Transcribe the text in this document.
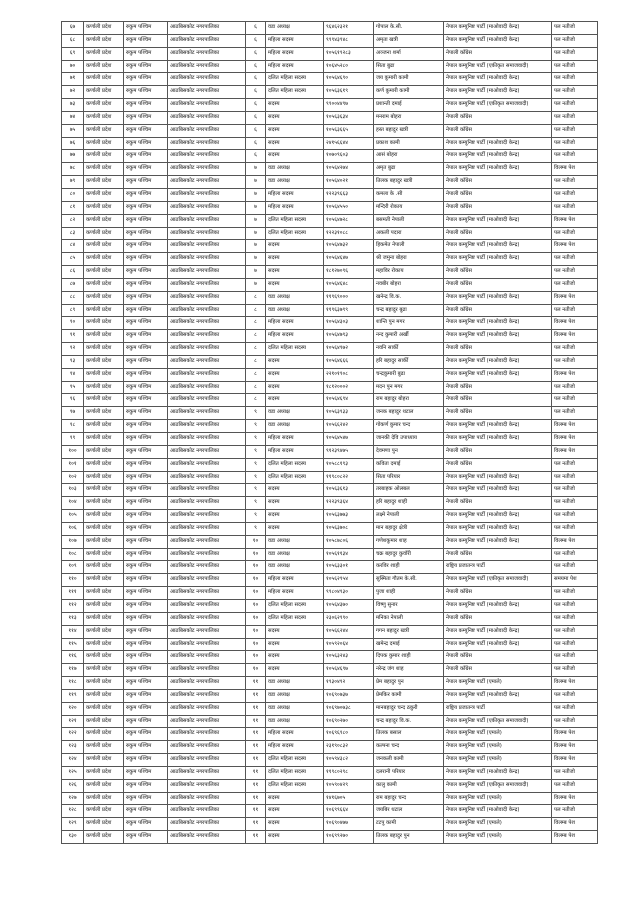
६७	कर्णाली प्रदेश	रुकुम पश्चिम	आठबिसकोट नगरपालिका	६	वडा अध्यक्ष	९६४६२३२१	गोपाल के.सी.	नेपाल कम्युनिष्ट पार्टी (माओवादी केन्द्र)	पल नतीजो
६८	कर्णाली प्रदेश	रुकुम पश्चिम	आठबिसकोट नगरपालिका	६	महिला सदस्य	९९९४३९४८	अमृता खत्री	नेपाल कम्युनिष्ट पार्टी (माओवादी केन्द्र)	पल नतीजो
६९	कर्णाली प्रदेश	रुकुम पश्चिम	आठबिसकोट नगरपालिका	६	महिला सदस्य	१०५६१९२८३	अञ्जना शर्मा	नेपाली काँग्रेस	पल नतीजो
७०	कर्णाली प्रदेश	रुकुम पश्चिम	आठबिसकोट नगरपालिका	६	महिला सदस्य	१०६४५२८०	सिता बुढा	नेपाल कम्युनिष्ट पार्टी (एकीकृत समाजवादी)	पल नतीजो
७१	कर्णाली प्रदेश	रुकुम पश्चिम	आठबिसकोट नगरपालिका	६	दलित महिला सदस्य	१०५६४६९०	जय कुमारी कामी	नेपाल कम्युनिष्ट पार्टी (माओवादी केन्द्र)	पल नतीजो
७२	कर्णाली प्रदेश	रुकुम पश्चिम	आठबिसकोट नगरपालिका	६	दलित महिला सदस्य	१०५६३६१९	कर्ण कुमारी कामी	नेपाल कम्युनिष्ट पार्टी (माओवादी केन्द्र)	पल नतीजो
७३	कर्णाली प्रदेश	रुकुम पश्चिम	आठबिसकोट नगरपालिका	६	सदस्य	९९००४४९७	प्रशान्ती दमाई	नेपाल कम्युनिष्ट पार्टी (एकीकृत समाजवादी)	पल नतीजो
७४	कर्णाली प्रदेश	रुकुम पश्चिम	आठबिसकोट नगरपालिका	६	सदस्य	१०५६३६३४	मनराम बोहरा	नेपाली काँग्रेस	पल नतीजो
७५	कर्णाली प्रदेश	रुकुम पश्चिम	आठबिसकोट नगरपालिका	६	सदस्य	१०५६३६६५	हस्त बहादुर खत्री	नेपाली काँग्रेस	पल नतीजो
७६	कर्णाली प्रदेश	रुकुम पश्चिम	आठबिसकोट नगरपालिका	६	सदस्य	२४१५६६४४	प्रकाश कामी	नेपाल कम्युनिष्ट पार्टी (माओवादी केन्द्र)	पल नतीजो
७७	कर्णाली प्रदेश	रुकुम पश्चिम	आठबिसकोट नगरपालिका	६	सदस्य	१०७०९६०३	आसं बोहरा	नेपाल कम्युनिष्ट पार्टी (माओवादी केन्द्र)	पल नतीजो
७८	कर्णाली प्रदेश	रुकुम पश्चिम	आठबिसकोट नगरपालिका	७	वडा अध्यक्ष	१०५६४२७४	अमृत बुढा	नेपाल कम्युनिष्ट पार्टी (माओवादी केन्द्र)	विलम्ब पेश
७९	कर्णाली प्रदेश	रुकुम पश्चिम	आठबिसकोट नगरपालिका	७	वडा अध्यक्ष	१०५६४०२१	तिलक बहादुर खत्री	नेपाली काँग्रेस	पल नतीजो
८०	कर्णाली प्रदेश	रुकुम पश्चिम	आठबिसकोट नगरपालिका	७	महिला सदस्य	१२२३९६६३	कमला के .सी	नेपाली काँग्रेस	पल नतीजो
८१	कर्णाली प्रदेश	रुकुम पश्चिम	आठबिसकोट नगरपालिका	७	महिला सदस्य	१०५६४५५०	मन्दिरी रोकाय	नेपाली काँग्रेस	पल नतीजो
८२	कर्णाली प्रदेश	रुकुम पश्चिम	आठबिसकोट नगरपालिका	७	दलित महिला सदस्य	१०५६४७२८	बसमती नेपाली	नेपाल कम्युनिष्ट पार्टी (माओवादी केन्द्र)	विलम्ब पेश
८३	कर्णाली प्रदेश	रुकुम पश्चिम	आठबिसकोट नगरपालिका	७	दलित महिला सदस्य	१२२३१०८८	अकली पदारा	नेपाली काँग्रेस	पल नतीजो
८४	कर्णाली प्रदेश	रुकुम पश्चिम	आठबिसकोट नगरपालिका	७	सदस्य	१०५६४७३२	हिकमेत नेपाली	नेपाल कम्युनिष्ट पार्टी (माओवादी केन्द्र)	विलम्ब पेश
८५	कर्णाली प्रदेश	रुकुम पश्चिम	आठबिसकोट नगरपालिका	७	सदस्य	१०५६४६४७	श्री जमुना बोहरा	नेपाल कम्युनिष्ट पार्टी (माओवादी केन्द्र)	पल नतीजो
८६	कर्णाली प्रदेश	रुकुम पश्चिम	आठबिसकोट नगरपालिका	७	सदस्य	१८१२७०९६	महाविर रोकाय	नेपाली काँग्रेस	पल नतीजो
८७	कर्णाली प्रदेश	रुकुम पश्चिम	आठबिसकोट नगरपालिका	७	सदस्य	१०५६४६४८	नवबीर बोहरा	नेपाली काँग्रेस	पल नतीजो
८८	कर्णाली प्रदेश	रुकुम पश्चिम	आठबिसकोट नगरपालिका	८	वडा अध्यक्ष	११९६९०००	खनेन्द्र वि.क.	नेपाल कम्युनिष्ट पार्टी (माओवादी केन्द्र)	विलम्ब पेश
८९	कर्णाली प्रदेश	रुकुम पश्चिम	आठबिसकोट नगरपालिका	८	वडा अध्यक्ष	११९६३७९९	चन्द्र बहादुर बुढा	नेपाली काँग्रेस	पल नतीजो
९०	कर्णाली प्रदेश	रुकुम पश्चिम	आठबिसकोट नगरपालिका	८	महिला सदस्य	१०५६४३०३	शान्ति पुन मगर	नेपाल कम्युनिष्ट पार्टी (माओवादी केन्द्र)	विलम्ब पेश
९१	कर्णाली प्रदेश	रुकुम पश्चिम	आठबिसकोट नगरपालिका	८	महिला सदस्य	१०५६४७९३	नन्द कुमारी अर्खी	नेपाल कम्युनिष्ट पार्टी (माओवादी केन्द्र)	विलम्ब पेश
९२	कर्णाली प्रदेश	रुकुम पश्चिम	आठबिसकोट नगरपालिका	८	दलित महिला सदस्य	१०५६४९७२	नवनि सार्की	नेपाली काँग्रेस	पल नतीजो
९३	कर्णाली प्रदेश	रुकुम पश्चिम	आठबिसकोट नगरपालिका	८	सदस्य	१०५६४६६६	हरि बहादुर सार्की	नेपाल कम्युनिष्ट पार्टी (माओवादी केन्द्र)	पल नतीजो
९४	कर्णाली प्रदेश	रुकुम पश्चिम	आठबिसकोट नगरपालिका	८	सदस्य	२२१०१९०८	चन्द्रकुमारी बुढा	नेपाल कम्युनिष्ट पार्टी (माओवादी केन्द्र)	विलम्ब पेश
९५	कर्णाली प्रदेश	रुकुम पश्चिम	आठबिसकोट नगरपालिका	८	सदस्य	१८१२०००२	मदन पुन मगर	नेपाली काँग्रेस	पल नतीजो
९६	कर्णाली प्रदेश	रुकुम पश्चिम	आठबिसकोट नगरपालिका	८	सदस्य	१०५६४६९४	राम बहादुर बोहरा	नेपाली काँग्रेस	पल नतीजो
९७	कर्णाली प्रदेश	रुकुम पश्चिम	आठबिसकोट नगरपालिका	९	वडा अध्यक्ष	१०५६३९३३	जनक बहादुर थटाल	नेपाली काँग्रेस	पल नतीजो
९८	कर्णाली प्रदेश	रुकुम पश्चिम	आठबिसकोट नगरपालिका	९	वडा अध्यक्ष	१०५६६२४२	गोकर्ण कुमार चन्द	नेपाल कम्युनिष्ट पार्टी (माओवादी केन्द्र)	विलम्ब पेश
९९	कर्णाली प्रदेश	रुकुम पश्चिम	आठबिसकोट नगरपालिका	९	महिला सदस्य	१०५६४५४७	जानकी देवि उपाध्याय	नेपाल कम्युनिष्ट पार्टी (माओवादी केन्द्र)	विलम्ब पेश
१००	कर्णाली प्रदेश	रुकुम पश्चिम	आठबिसकोट नगरपालिका	९	महिला सदस्य	९१२३९४७५	देवमणा पुन	नेपाली काँग्रेस	विलम्ब पेश
१०१	कर्णाली प्रदेश	रुकुम पश्चिम	आठबिसकोट नगरपालिका	९	दलित महिला सदस्य	१०५८८१९३	कविता दमाई	नेपाली काँग्रेस	पल नतीजो
१०२	कर्णाली प्रदेश	रुकुम पश्चिम	आठबिसकोट नगरपालिका	९	दलित महिला सदस्य	११९८०८२२	सिता परियार	नेपाल कम्युनिष्ट पार्टी (माओवादी केन्द्र)	पल नतीजो
१०३	कर्णाली प्रदेश	रुकुम पश्चिम	आठबिसकोट नगरपालिका	९	सदस्य	१०५६३६१३	तरबाहक ओलबल	नेपाल कम्युनिष्ट पार्टी (माओवादी केन्द्र)	पल नतीजो
१०४	कर्णाली प्रदेश	रुकुम पश्चिम	आठबिसकोट नगरपालिका	९	सदस्य	१२२३९३६४	हरि बहादुर शाही	नेपाली काँग्रेस	पल नतीजो
१०५	कर्णाली प्रदेश	रुकुम पश्चिम	आठबिसकोट नगरपालिका	९	सदस्य	१०५६३७७३	लक्ष्मे नेपाली	नेपाल कम्युनिष्ट पार्टी (माओवादी केन्द्र)	पल नतीजो
१०६	कर्णाली प्रदेश	रुकुम पश्चिम	आठबिसकोट नगरपालिका	९	सदस्य	१०५६३७०८	मान बहादुर क्षेत्री	नेपाल कम्युनिष्ट पार्टी (माओवादी केन्द्र)	पल नतीजो
१०७	कर्णाली प्रदेश	रुकुम पश्चिम	आठबिसकोट नगरपालिका	१०	वडा अध्यक्ष	१०५८७८०६	गणेशकुमार शाह	नेपाल कम्युनिष्ट पार्टी (माओवादी केन्द्र)	विलम्ब पेश
१०८	कर्णाली प्रदेश	रुकुम पश्चिम	आठबिसकोट नगरपालिका	१०	वडा अध्यक्ष	१०५६११३४	चक्र बहादुर कुवाँरी	नेपाली काँग्रेस	पल नतीजो
१०९	कर्णाली प्रदेश	रुकुम पश्चिम	आठबिसकोट नगरपालिका	१०	वडा अध्यक्ष	१०५६३३०१	करविर शाही	राष्ट्रिय प्रजातन्त्र पार्टी	पल नतीजो
११०	कर्णाली प्रदेश	रुकुम पश्चिम	आठबिसकोट नगरपालिका	१०	महिला सदस्य	१०५६२९५४	सुस्मिता गौतम के.सी.	नेपाल कम्युनिष्ट पार्टी (एकीकृत समाजवादी)	समयमा पेश
१११	कर्णाली प्रदेश	रुकुम पश्चिम	आठबिसकोट नगरपालिका	१०	महिला सदस्य	९९८०४९३०	पुजा शाही	नेपाली काँग्रेस	पल नतीजो
११२	कर्णाली प्रदेश	रुकुम पश्चिम	आठबिसकोट नगरपालिका	१०	दलित महिला सदस्य	१०५६४३७०	विष्णु सुनार	नेपाल कम्युनिष्ट पार्टी (माओवादी केन्द्र)	पल नतीजो
११३	कर्णाली प्रदेश	रुकुम पश्चिम	आठबिसकोट नगरपालिका	१०	दलित महिला सदस्य	२३०६२९९०	मनिका नेपाली	नेपाली काँग्रेस	पल नतीजो
११४	कर्णाली प्रदेश	रुकुम पश्चिम	आठबिसकोट नगरपालिका	१०	सदस्य	१०५६६२४४	गगन बहादुर खत्री	नेपाल कम्युनिष्ट पार्टी (माओवादी केन्द्र)	पल नतीजो
११५	कर्णाली प्रदेश	रुकुम पश्चिम	आठबिसकोट नगरपालिका	१०	सदस्य	१०५९२०६४	खमेन्द्र दमाई	नेपाल कम्युनिष्ट पार्टी (माओवादी केन्द्र)	पल नतीजो
११६	कर्णाली प्रदेश	रुकुम पश्चिम	आठबिसकोट नगरपालिका	१०	सदस्य	१०५६३२४३	दिपक कुमार शाही	नेपाली काँग्रेस	पल नतीजो
११७	कर्णाली प्रदेश	रुकुम पश्चिम	आठबिसकोट नगरपालिका	१०	सदस्य	१०५६४६९७	नरेन्द्र जंग शाह	नेपाली काँग्रेस	पल नतीजो
११८	कर्णाली प्रदेश	रुकुम पश्चिम	आठबिसकोट नगरपालिका	११	वडा अध्यक्ष	१९३०४९२	प्रेम बहादुर पुन	नेपाल कम्युनिष्ट पार्टी (एमाले)	विलम्ब पेश
११९	कर्णाली प्रदेश	रुकुम पश्चिम	आठबिसकोट नगरपालिका	११	वडा अध्यक्ष	१०६९०७३७	प्रेमकिर कामी	नेपाल कम्युनिष्ट पार्टी (माओवादी केन्द्र)	पल नतीजो
१२०	कर्णाली प्रदेश	रुकुम पश्चिम	आठबिसकोट नगरपालिका	११	वडा अध्यक्ष	१०६९७०७३८	मानबहादुर चन्द ठकुरी	राष्ट्रिय प्रजातन्त्र पार्टी	पल नतीजो
१२१	कर्णाली प्रदेश	रुकुम पश्चिम	आठबिसकोट नगरपालिका	११	वडा अध्यक्ष	१०६९०२७०	चन्द्र बहादुर वि.क.	नेपाल कम्युनिष्ट पार्टी (एकीकृत समाजवादी)	पल नतीजो
१२२	कर्णाली प्रदेश	रुकुम पश्चिम	आठबिसकोट नगरपालिका	११	महिला सदस्य	१०६९६९८०	तिलक बसाल	नेपाल कम्युनिष्ट पार्टी (एमाले)	विलम्ब पेश
१२३	कर्णाली प्रदेश	रुकुम पश्चिम	आठबिसकोट नगरपालिका	११	महिला सदस्य	२३१९०८३२	कल्पना चन्द	नेपाल कम्युनिष्ट पार्टी (एमाले)	विलम्ब पेश
१२४	कर्णाली प्रदेश	रुकुम पश्चिम	आठबिसकोट नगरपालिका	११	दलित महिला सदस्य	१०५९४३८२	जनकली कामी	नेपाल कम्युनिष्ट पार्टी (एमाले)	विलम्ब पेश
१२५	कर्णाली प्रदेश	रुकुम पश्चिम	आठबिसकोट नगरपालिका	११	दलित महिला सदस्य	११९८०२९८	दलरानी परियार	नेपाल कम्युनिष्ट पार्टी (माओवादी केन्द्र)	पल नतीजो
१२६	कर्णाली प्रदेश	रुकुम पश्चिम	आठबिसकोट नगरपालिका	११	दलित महिला सदस्य	१०५९०४२९	कालु कामी	नेपाल कम्युनिष्ट पार्टी (एकीकृत समाजवादी)	पल नतीजो
१२७	कर्णाली प्रदेश	रुकुम पश्चिम	आठबिसकोट नगरपालिका	११	सदस्य	१४१६७०५	राम बहादुर चन्द	नेपाल कम्युनिष्ट पार्टी (एमाले)	विलम्ब पेश
१२८	कर्णाली प्रदेश	रुकुम पश्चिम	आठबिसकोट नगरपालिका	११	सदस्य	१०६९९६६४	जयबिर थटाल	नेपाल कम्युनिष्ट पार्टी (माओवादी केन्द्र)	पल नतीजो
१२९	कर्णाली प्रदेश	रुकुम पश्चिम	आठबिसकोट नगरपालिका	११	सदस्य	१०६९०४७७	टटपु कामी	नेपाल कम्युनिष्ट पार्टी (एमाले)	विलम्ब पेश
१३०	कर्णाली प्रदेश	रुकुम पश्चिम	आठबिसकोट नगरपालिका	११	सदस्य	१०६९९२७०	तिलक बहादुर पुन	नेपाल कम्युनिष्ट पार्टी (एमाले)	विलम्ब पेश
